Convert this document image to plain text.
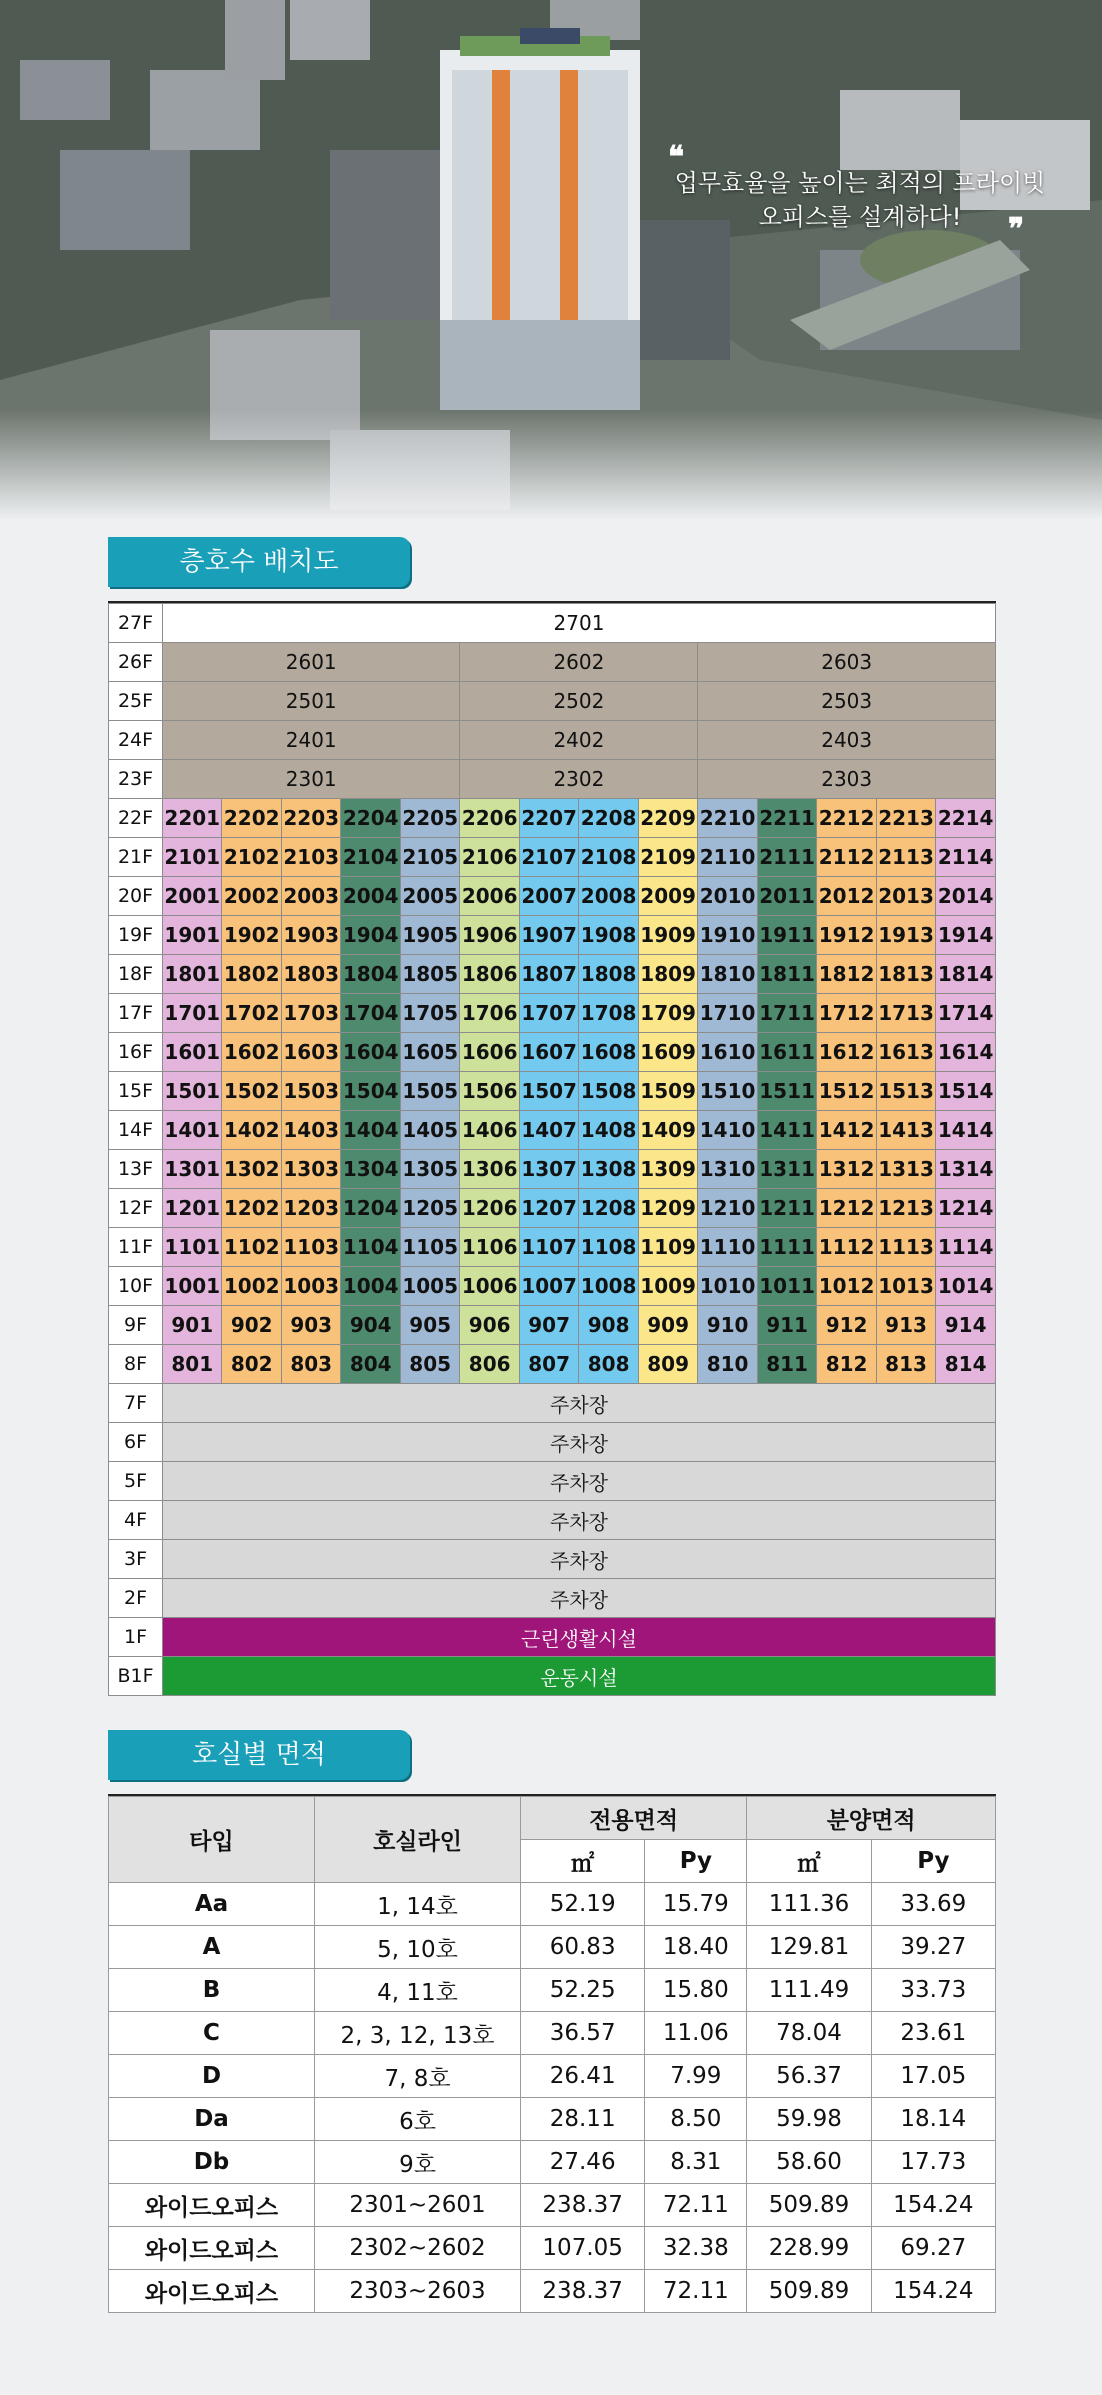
❝
업무효율을 높이는 최적의 프라이빗
오피스를 설계하다!	❞
층호수 배치도
27F	2701													
26F	2601					2602				2603				
25F	2501					2502				2503				
24F	2401					2402				2403				
23F	2301					2302				2303				
22F	2201	2202	2203	2204	2205	2206	2207	2208	2209	2210	2211	2212	2213	2214
21F	2101	2102	2103	2104	2105	2106	2107	2108	2109	2110	2111	2112	2113	2114
20F	2001	2002	2003	2004	2005	2006	2007	2008	2009	2010	2011	2012	2013	2014
19F	1901	1902	1903	1904	1905	1906	1907	1908	1909	1910	1911	1912	1913	1914
18F	1801	1802	1803	1804	1805	1806	1807	1808	1809	1810	1811	1812	1813	1814
17F	1701	1702	1703	1704	1705	1706	1707	1708	1709	1710	1711	1712	1713	1714
16F	1601	1602	1603	1604	1605	1606	1607	1608	1609	1610	1611	1612	1613	1614
15F	1501	1502	1503	1504	1505	1506	1507	1508	1509	1510	1511	1512	1513	1514
14F	1401	1402	1403	1404	1405	1406	1407	1408	1409	1410	1411	1412	1413	1414
13F	1301	1302	1303	1304	1305	1306	1307	1308	1309	1310	1311	1312	1313	1314
12F	1201	1202	1203	1204	1205	1206	1207	1208	1209	1210	1211	1212	1213	1214
11F	1101	1102	1103	1104	1105	1106	1107	1108	1109	1110	1111	1112	1113	1114
10F	1001	1002	1003	1004	1005	1006	1007	1008	1009	1010	1011	1012	1013	1014
9F	901	902	903	904	905	906	907	908	909	910	911	912	913	914
8F	801	802	803	804	805	806	807	808	809	810	811	812	813	814
7F	주차장													
6F	주차장													
5F	주차장													
4F	주차장													
3F	주차장													
2F	주차장													
1F	근린생활시설													
B1F	운동시설													
호실별 면적
타입	호실라인	전용면적		분양면적	
		㎡	Py	㎡	Py
Aa	1, 14호	52.19	15.79	111.36	33.69
A	5, 10호	60.83	18.40	129.81	39.27
B	4, 11호	52.25	15.80	111.49	33.73
C	2, 3, 12, 13호	36.57	11.06	78.04	23.61
D	7, 8호	26.41	7.99	56.37	17.05
Da	6호	28.11	8.50	59.98	18.14
Db	9호	27.46	8.31	58.60	17.73
와이드오피스	2301~2601	238.37	72.11	509.89	154.24
와이드오피스	2302~2602	107.05	32.38	228.99	69.27
와이드오피스	2303~2603	238.37	72.11	509.89	154.24
